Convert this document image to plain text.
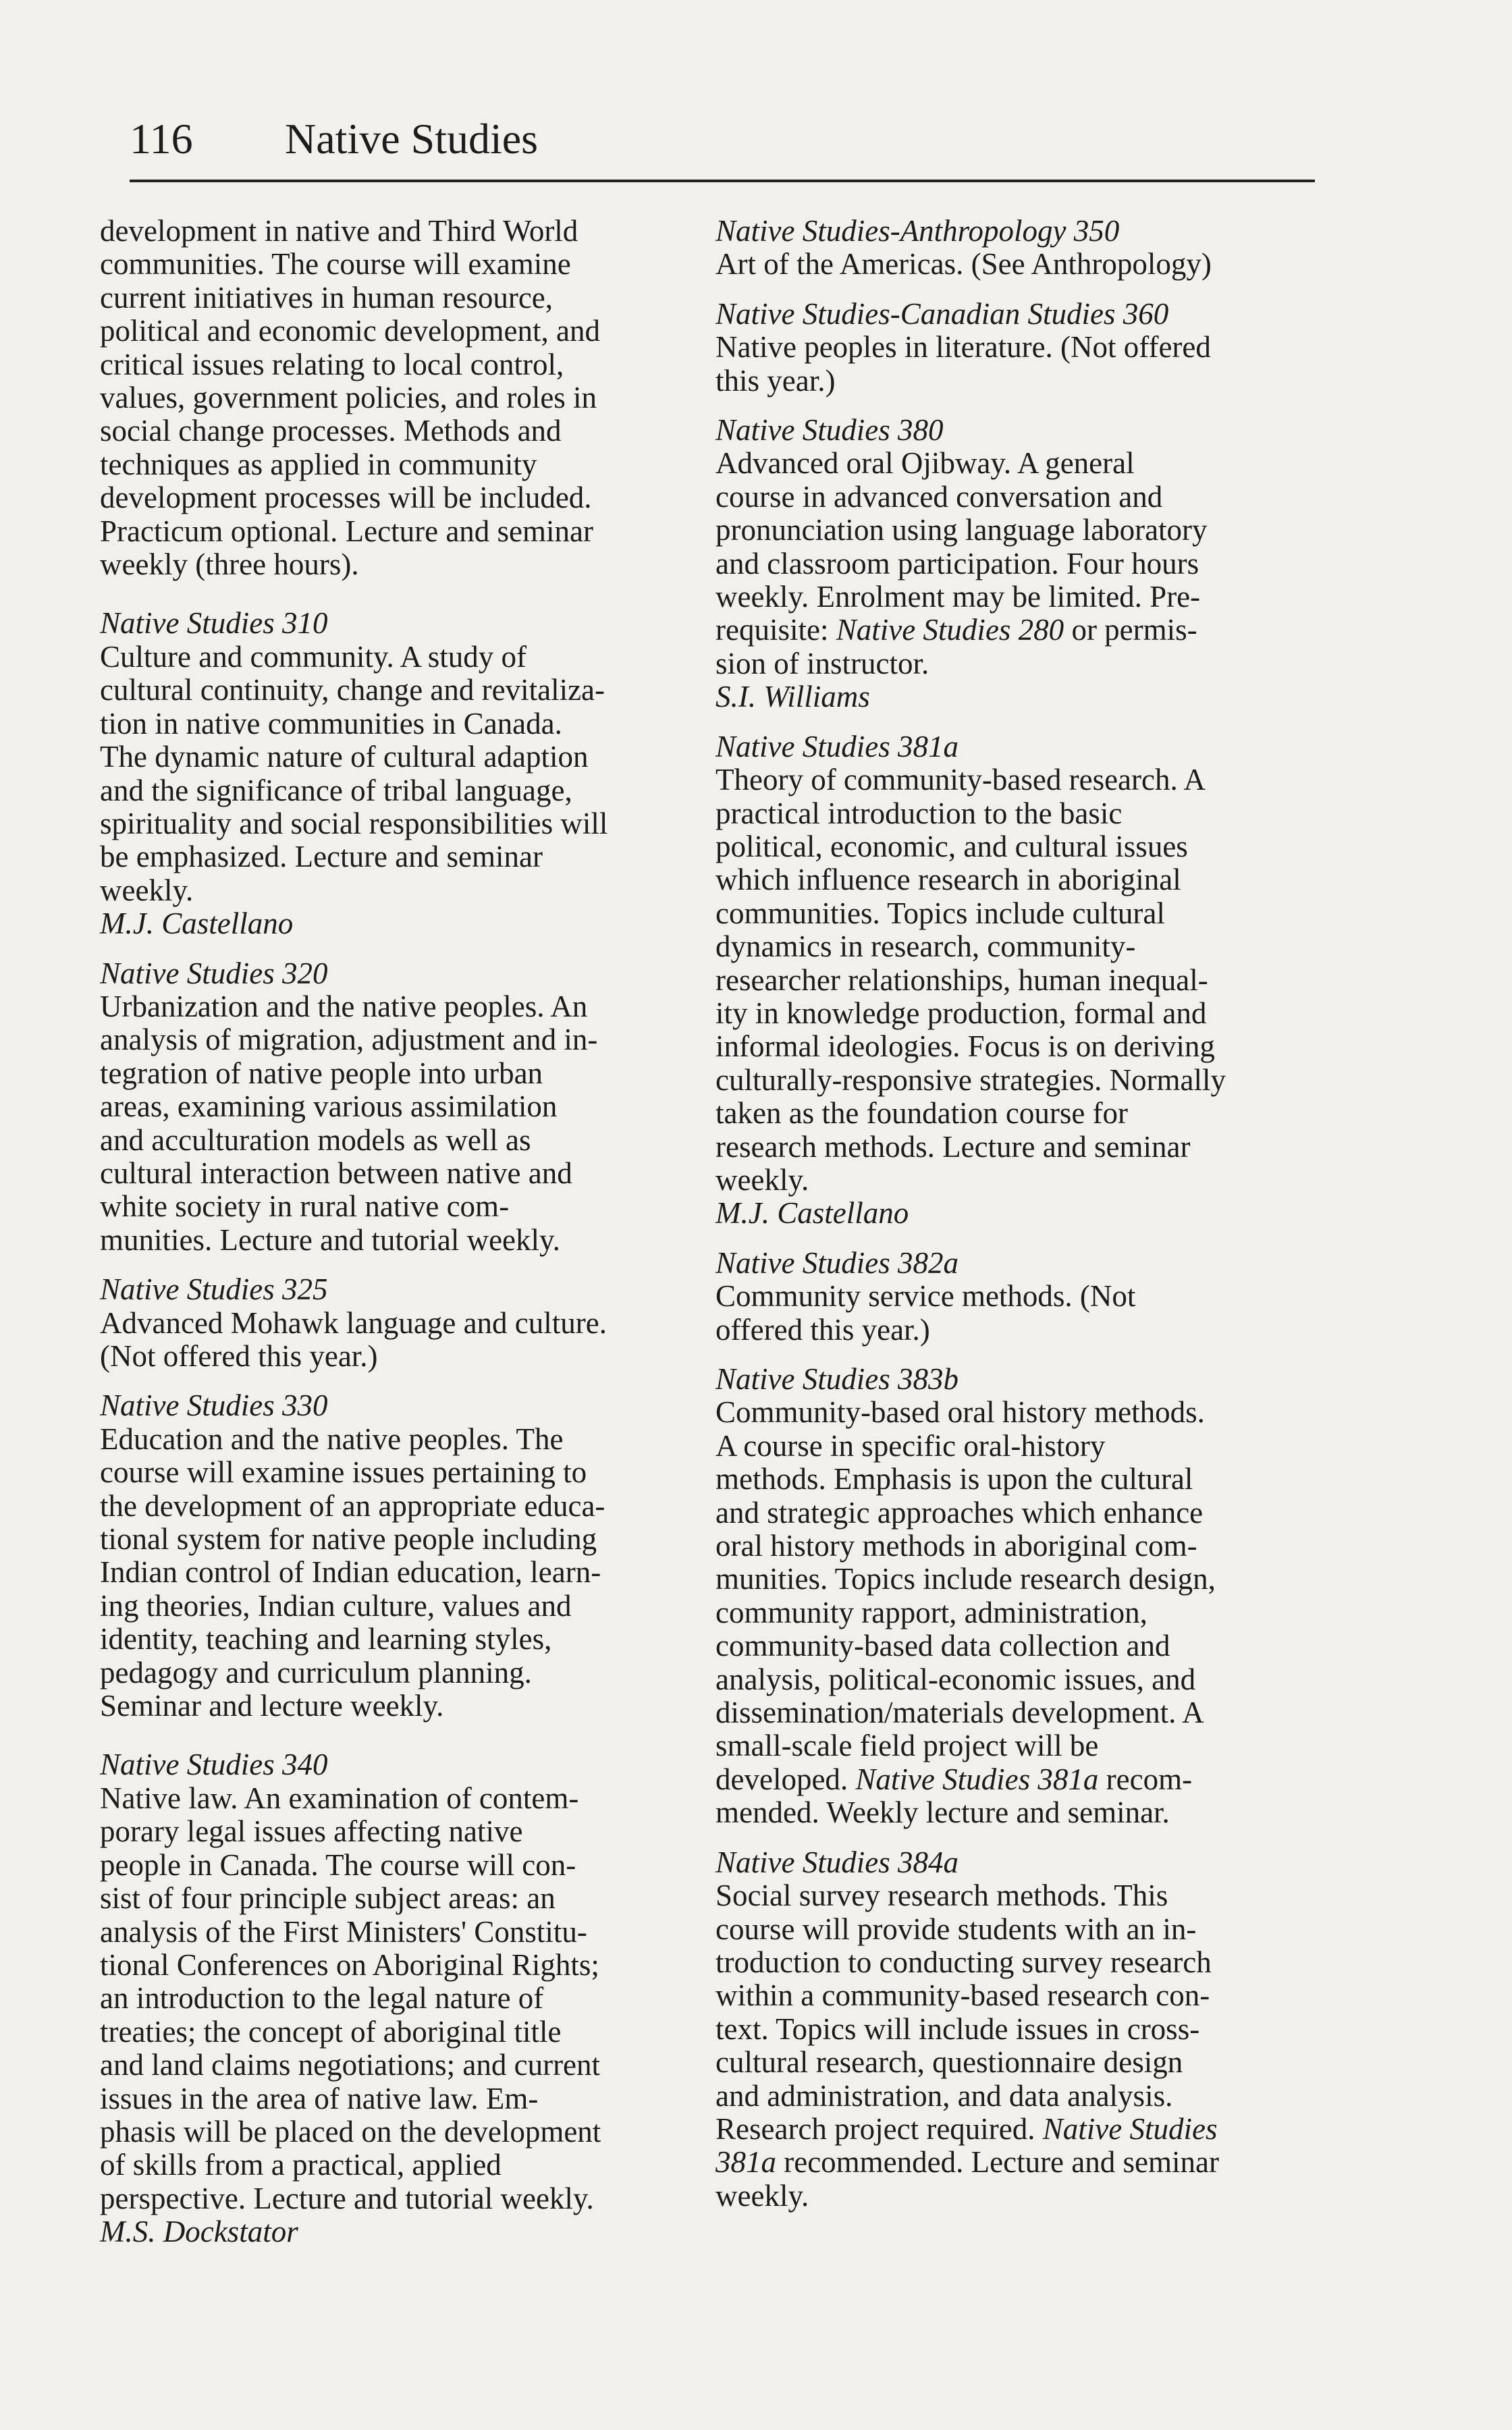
116 Native Studies
development in native and Third World
communities. The course will examine
current initiatives in human resource,
political and economic development, and
critical issues relating to local control,
values, government policies, and roles in
social change processes. Methods and
techniques as applied in community
development processes will be included.
Practicum optional. Lecture and seminar
weekly (three hours).
Native Studies 310
Culture and community. A study of
cultural continuity, change and revitaliza-
tion in native communities in Canada.
The dynamic nature of cultural adaption
and the significance of tribal language,
spirituality and social responsibilities will
be emphasized. Lecture and seminar
weekly.
M.J. Castellano
Native Studies 320
Urbanization and the native peoples. An
analysis of migration, adjustment and in-
tegration of native people into urban
areas, examining various assimilation
and acculturation models as well as
cultural interaction between native and
white society in rural native com-
munities. Lecture and tutorial weekly.
Native Studies 325
Advanced Mohawk language and culture.
(Not offered this year.)
Native Studies 330
Education and the native peoples. The
course will examine issues pertaining to
the development of an appropriate educa-
tional system for native people including
Indian control of Indian education, learn-
ing theories, Indian culture, values and
identity, teaching and learning styles,
pedagogy and curriculum planning.
Seminar and lecture weekly.
Native Studies 340
Native law. An examination of contem-
porary legal issues affecting native
people in Canada. The course will con-
sist of four principle subject areas: an
analysis of the First Ministers' Constitu-
tional Conferences on Aboriginal Rights;
an introduction to the legal nature of
treaties; the concept of aboriginal title
and land claims negotiations; and current
issues in the area of native law. Em-
phasis will be placed on the development
of skills from a practical, applied
perspective. Lecture and tutorial weekly.
M.S. Dockstator
Native Studies-Anthropology 350
Art of the Americas. (See Anthropology)
Native Studies-Canadian Studies 360
Native peoples in literature. (Not offered
this year.)
Native Studies 380
Advanced oral Ojibway. A general
course in advanced conversation and
pronunciation using language laboratory
and classroom participation. Four hours
weekly. Enrolment may be limited. Pre-
requisite: Native Studies 280 or permis-
sion of instructor.
S.I. Williams
Native Studies 381a
Theory of community-based research. A
practical introduction to the basic
political, economic, and cultural issues
which influence research in aboriginal
communities. Topics include cultural
dynamics in research, community-
researcher relationships, human inequal-
ity in knowledge production, formal and
informal ideologies. Focus is on deriving
culturally-responsive strategies. Normally
taken as the foundation course for
research methods. Lecture and seminar
weekly.
M.J. Castellano
Native Studies 382a
Community service methods. (Not
offered this year.)
Native Studies 383b
Community-based oral history methods.
A course in specific oral-history
methods. Emphasis is upon the cultural
and strategic approaches which enhance
oral history methods in aboriginal com-
munities. Topics include research design,
community rapport, administration,
community-based data collection and
analysis, political-economic issues, and
dissemination/materials development. A
small-scale field project will be
developed. Native Studies 381a recom-
mended. Weekly lecture and seminar.
Native Studies 384a
Social survey research methods. This
course will provide students with an in-
troduction to conducting survey research
within a community-based research con-
text. Topics will include issues in cross-
cultural research, questionnaire design
and administration, and data analysis.
Research project required. Native Studies
381a recommended. Lecture and seminar
weekly.
